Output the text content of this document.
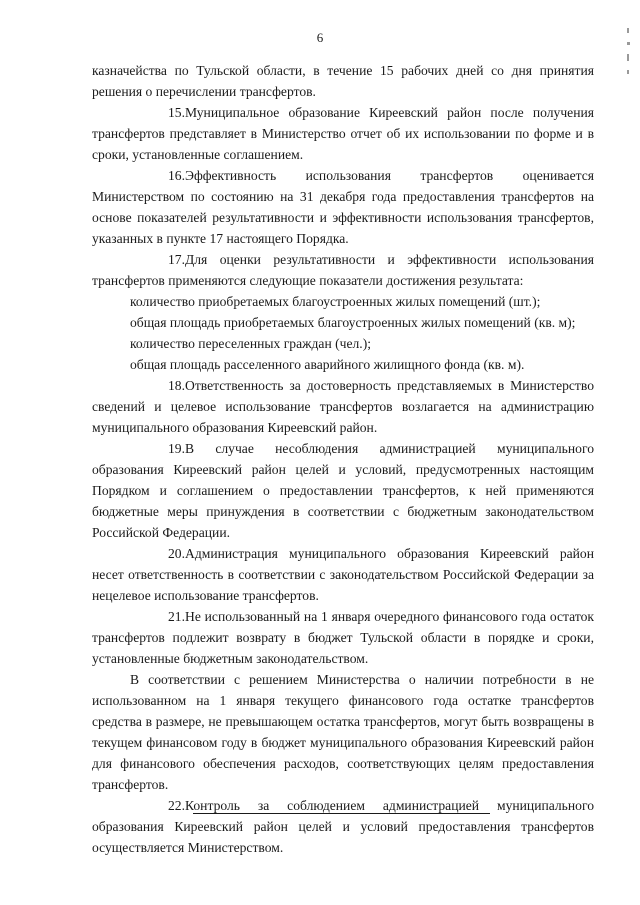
6

казначейства по Тульской области, в течение 15 рабочих дней со дня принятия решения о перечислении трансфертов.

15.Муниципальное образование Киреевский район после получения трансфертов представляет в Министерство отчет об их использовании по форме и в сроки, установленные соглашением.

16.Эффективность использования трансфертов оценивается Министерством по состоянию на 31 декабря года предоставления трансфертов на основе показателей результативности и эффективности использования трансфертов, указанных в пункте 17 настоящего Порядка.

17.Для оценки результативности и эффективности использования трансфертов применяются следующие показатели достижения результата:

количество приобретаемых благоустроенных жилых помещений (шт.);

общая площадь приобретаемых благоустроенных жилых помещений (кв. м);

количество переселенных граждан (чел.);

общая площадь расселенного аварийного жилищного фонда (кв. м).

18.Ответственность за достоверность представляемых в Министерство сведений и целевое использование трансфертов возлагается на администрацию муниципального образования Киреевский район.

19.В случае несоблюдения администрацией муниципального образования Киреевский район целей и условий, предусмотренных настоящим Порядком и соглашением о предоставлении трансфертов, к ней применяются бюджетные меры принуждения в соответствии с бюджетным законодательством Российской Федерации.

20.Администрация муниципального образования Киреевский район несет ответственность в соответствии с законодательством Российской Федерации за нецелевое использование трансфертов.

21.Не использованный на 1 января очередного финансового года остаток трансфертов подлежит возврату в бюджет Тульской области в порядке и сроки, установленные бюджетным законодательством.

В соответствии с решением Министерства о наличии потребности в не использованном на 1 января текущего финансового года остатке трансфертов средства в размере, не превышающем остатка трансфертов, могут быть возвращены в текущем финансовом году в бюджет муниципального образования Киреевский район для финансового обеспечения расходов, соответствующих целям предоставления трансфертов.

22.Контроль за соблюдением администрацией муниципального образования Киреевский район целей и условий предоставления трансфертов осуществляется Министерством.
